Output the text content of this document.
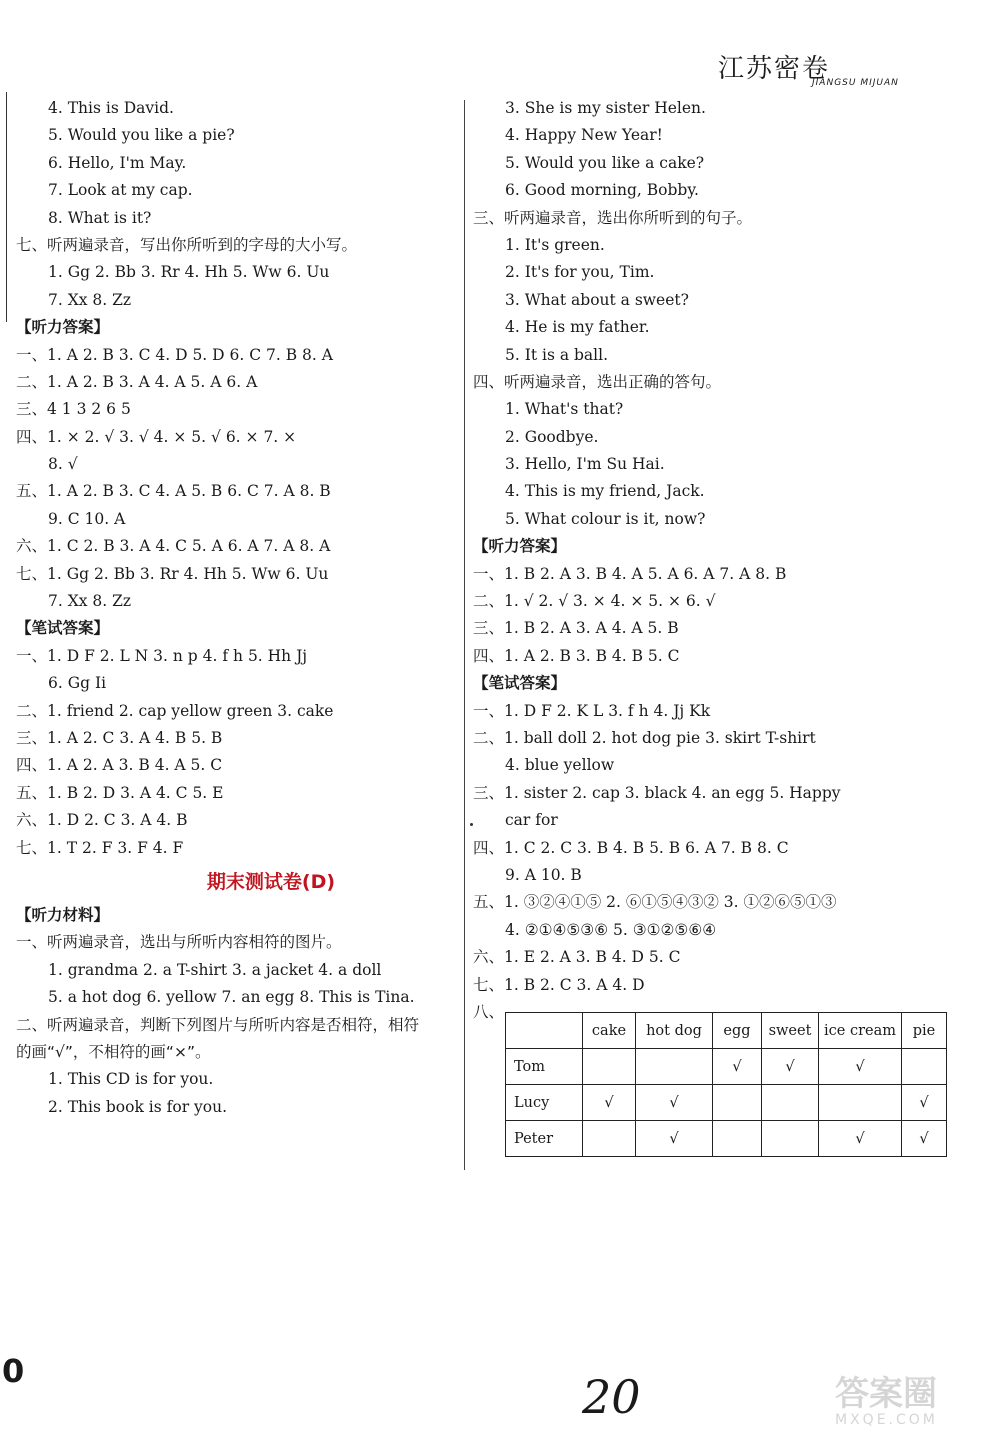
江苏密卷
JIANGSU MIJUAN
4. This is David.
5. Would you like a pie?
6. Hello, I'm May.
7. Look at my cap.
8. What is it?
七、听两遍录音，写出你所听到的字母的大小写。
1. Gg 2. Bb 3. Rr 4. Hh 5. Ww 6. Uu
7. Xx 8. Zz
【听力答案】
一、1. A 2. B 3. C 4. D 5. D 6. C 7. B 8. A
二、1. A 2. B 3. A 4. A 5. A 6. A
三、4 1 3 2 6 5
四、1. × 2. √ 3. √ 4. × 5. √ 6. × 7. ×
8. √
五、1. A 2. B 3. C 4. A 5. B 6. C 7. A 8. B
9. C 10. A
六、1. C 2. B 3. A 4. C 5. A 6. A 7. A 8. A
七、1. Gg 2. Bb 3. Rr 4. Hh 5. Ww 6. Uu
7. Xx 8. Zz
【笔试答案】
一、1. D F 2. L N 3. n p 4. f h 5. Hh Jj
6. Gg Ii
二、1. friend 2. cap yellow green 3. cake
三、1. A 2. C 3. A 4. B 5. B
四、1. A 2. A 3. B 4. A 5. C
五、1. B 2. D 3. A 4. C 5. E
六、1. D 2. C 3. A 4. B
七、1. T 2. F 3. F 4. F
期末测试卷(D)
【听力材料】
一、听两遍录音，选出与所听内容相符的图片。
1. grandma 2. a T-shirt 3. a jacket 4. a doll
5. a hot dog 6. yellow 7. an egg 8. This is Tina.
二、听两遍录音，判断下列图片与所听内容是否相符，相符
的画“√”，不相符的画“×”。
1. This CD is for you.
2. This book is for you.
3. She is my sister Helen.
4. Happy New Year!
5. Would you like a cake?
6. Good morning, Bobby.
三、听两遍录音，选出你所听到的句子。
1. It's green.
2. It's for you, Tim.
3. What about a sweet?
4. He is my father.
5. It is a ball.
四、听两遍录音，选出正确的答句。
1. What's that?
2. Goodbye.
3. Hello, I'm Su Hai.
4. This is my friend, Jack.
5. What colour is it, now?
【听力答案】
一、1. B 2. A 3. B 4. A 5. A 6. A 7. A 8. B
二、1. √ 2. √ 3. × 4. × 5. × 6. √
三、1. B 2. A 3. A 4. A 5. B
四、1. A 2. B 3. B 4. B 5. C
【笔试答案】
一、1. D F 2. K L 3. f h 4. Jj Kk
二、1. ball doll 2. hot dog pie 3. skirt T-shirt
4. blue yellow
三、1. sister 2. cap 3. black 4. an egg 5. Happy
car for
四、1. C 2. C 3. B 4. B 5. B 6. A 7. B 8. C
9. A 10. B
五、1. ③②④①⑤ 2. ⑥①⑤④③② 3. ①②⑥⑤①③
4. ②①④⑤③⑥ 5. ③①②⑤⑥④
六、1. E 2. A 3. B 4. D 5. C
七、1. B 2. C 3. A 4. D
八、
	cake	hot dog	egg	sweet	ice cream	pie
Tom			√	√	√	
Lucy	√	√				√
Peter		√			√	√
0	20	答案圈
MXQE.COM
